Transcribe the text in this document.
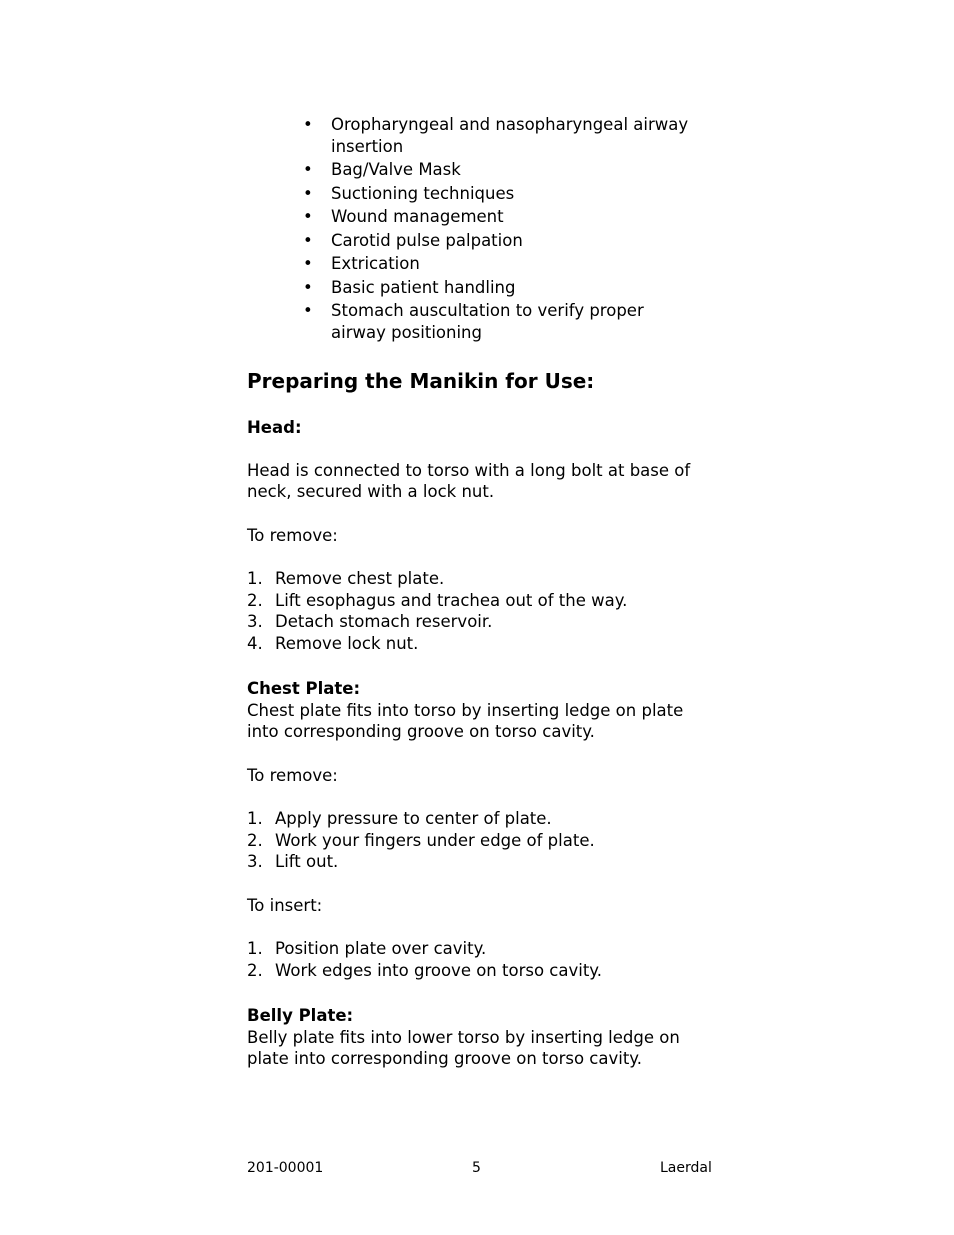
• Oropharyngeal and nasopharyngeal airway insertion
• Bag/Valve Mask
• Suctioning techniques
• Wound management
• Carotid pulse palpation
• Extrication
• Basic patient handling
• Stomach auscultation to verify proper airway positioning
Preparing the Manikin for Use:

Head:

Head is connected to torso with a long bolt at base of neck, secured with a lock nut.

To remove:

1. Remove chest plate.
2. Lift esophagus and trachea out of the way.
3. Detach stomach reservoir.
4. Remove lock nut.

Chest Plate:

Chest plate fits into torso by inserting ledge on plate into corresponding groove on torso cavity.

To remove:

1. Apply pressure to center of plate.
2. Work your fingers under edge of plate.
3. Lift out.

To insert:

1. Position plate over cavity.
2. Work edges into groove on torso cavity.

Belly Plate:

Belly plate fits into lower torso by inserting ledge on plate into corresponding groove on torso cavity.

201-00001	5	Laerdal
